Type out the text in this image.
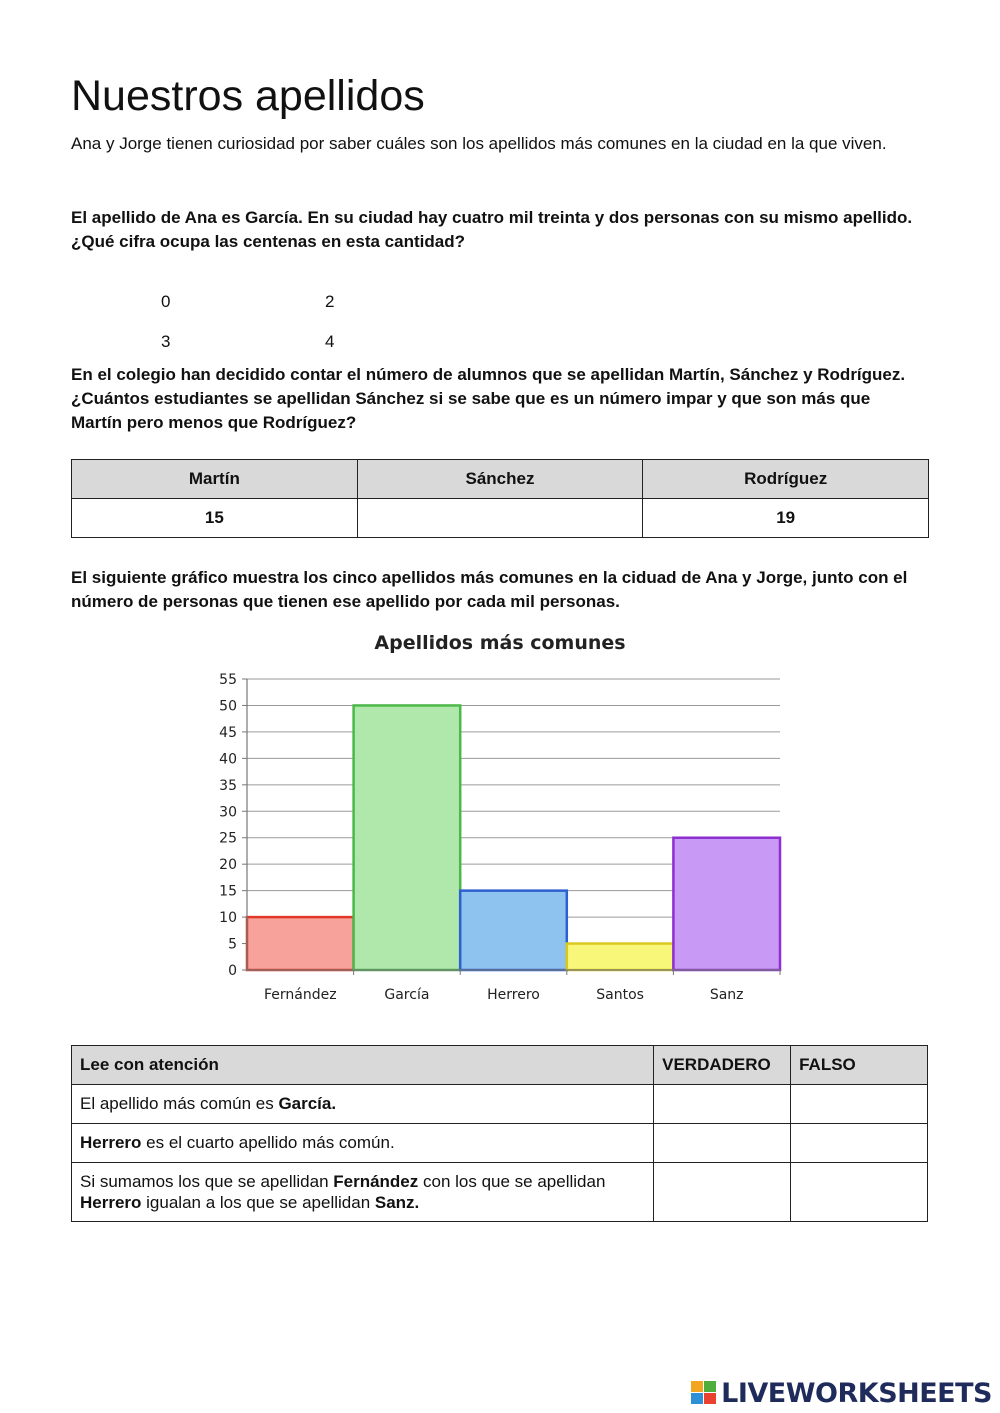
Nuestros apellidos

Ana y Jorge tienen curiosidad por saber cuáles son los apellidos más comunes en la ciudad en la que viven.

El apellido de Ana es García. En su ciudad hay cuatro mil treinta y dos personas con su mismo apellido. ¿Qué cifra ocupa las centenas en esta cantidad?

0	2
3	4

En el colegio han decidido contar el número de alumnos que se apellidan Martín, Sánchez y Rodríguez. ¿Cuántos estudiantes se apellidan Sánchez si se sabe que es un número impar y que son más que Martín pero menos que Rodríguez?

Martín	Sánchez	Rodríguez
15		19

El siguiente gráfico muestra los cinco apellidos más comunes en la ciduad de Ana y Jorge, junto con el número de personas que tienen ese apellido por cada mil personas.

Apellidos más comunes
0
5
10
15
20
25
30
35
40
45
50
55
Fernández	García	Herrero	Santos	Sanz
Lee con atención	VERDADERO	FALSO
El apellido más común es García.		
Herrero es el cuarto apellido más común.		
Si sumamos los que se apellidan Fernández con los que se apellidan Herrero igualan a los que se apellidan Sanz.		
LIVEWORKSHEETS
